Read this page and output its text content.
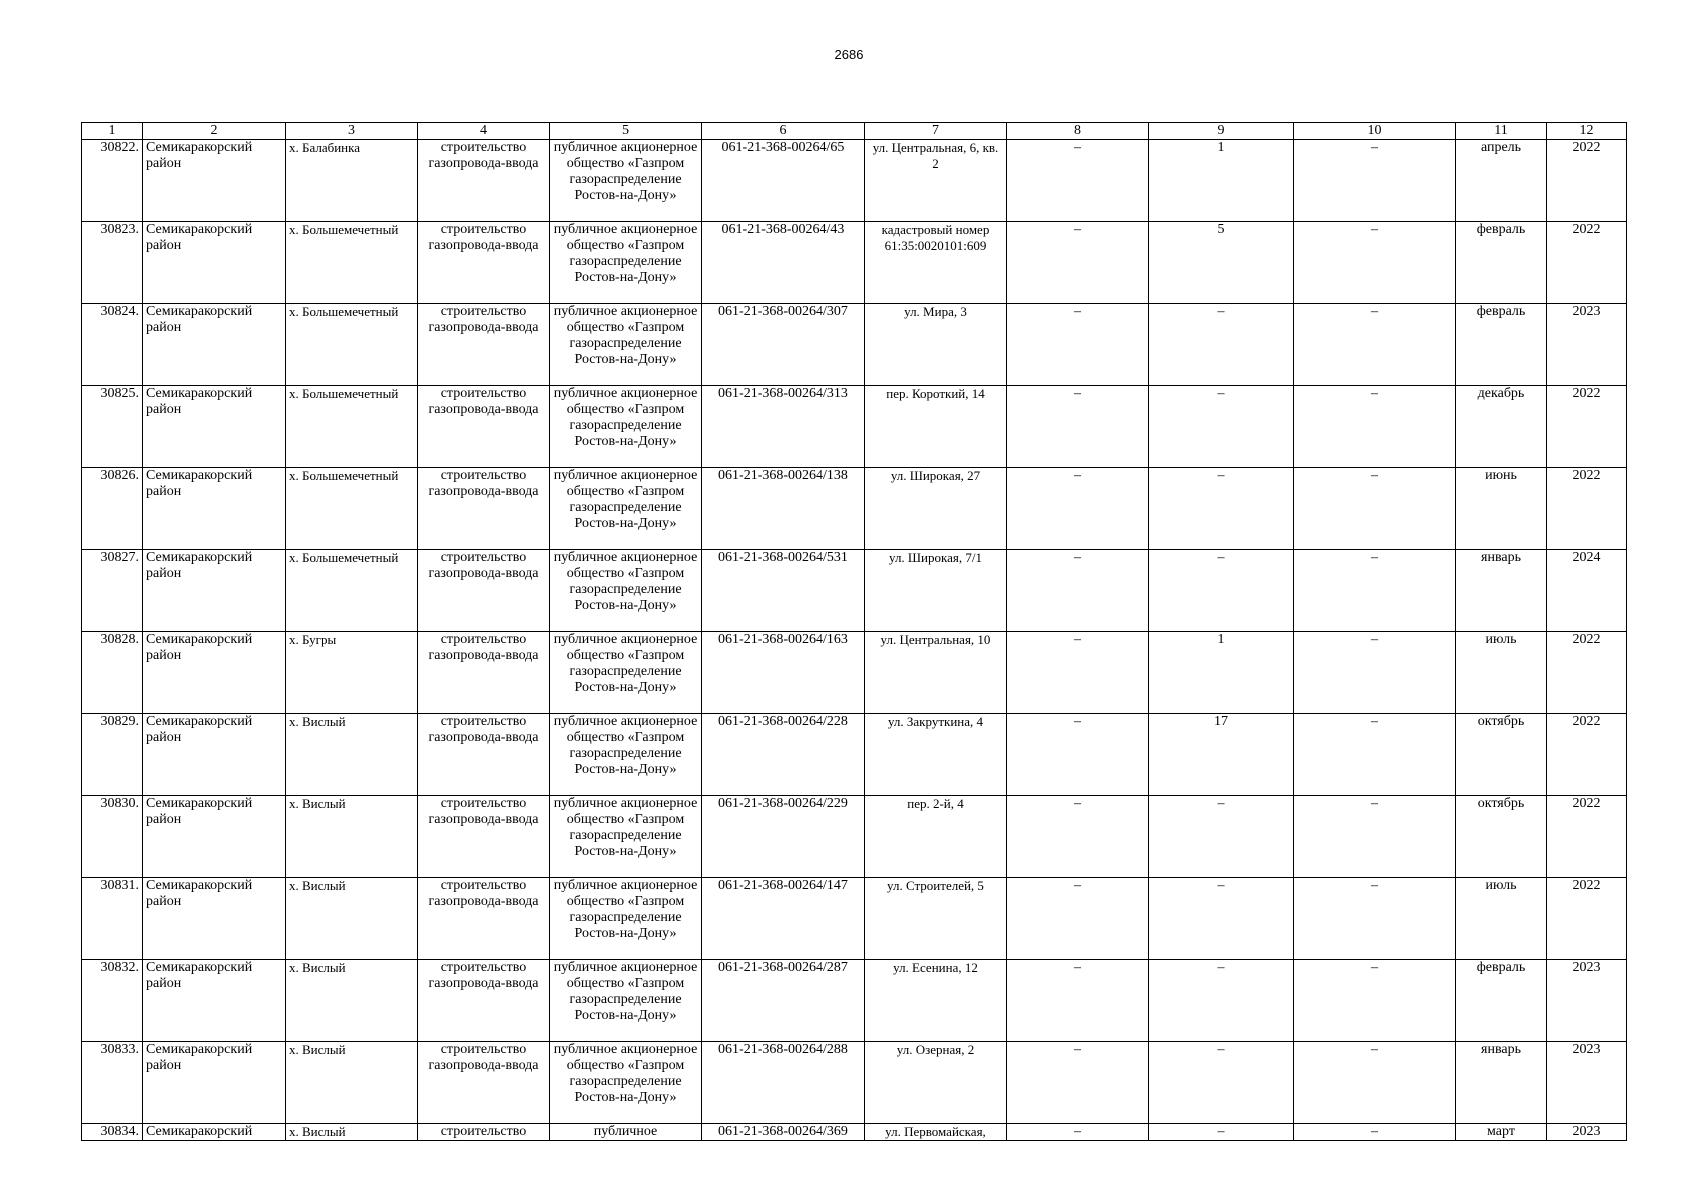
2686
1	2	3	4	5	6	7	8	9	10	11	12
30822.	Семикаракорский район	х. Балабинка	строительство газопровода-ввода	публичное акционерное общество «Газпром газораспределение Ростов-на-Дону»	061-21-368-00264/65	ул. Центральная, 6, кв. 2	–	1	–	апрель	2022
30823.	Семикаракорский район	х. Большемечетный	строительство газопровода-ввода	публичное акционерное общество «Газпром газораспределение Ростов-на-Дону»	061-21-368-00264/43	кадастровый номер 61:35:0020101:609	–	5	–	февраль	2022
30824.	Семикаракорский район	х. Большемечетный	строительство газопровода-ввода	публичное акционерное общество «Газпром газораспределение Ростов-на-Дону»	061-21-368-00264/307	ул. Мира, 3	–	–	–	февраль	2023
30825.	Семикаракорский район	х. Большемечетный	строительство газопровода-ввода	публичное акционерное общество «Газпром газораспределение Ростов-на-Дону»	061-21-368-00264/313	пер. Короткий, 14	–	–	–	декабрь	2022
30826.	Семикаракорский район	х. Большемечетный	строительство газопровода-ввода	публичное акционерное общество «Газпром газораспределение Ростов-на-Дону»	061-21-368-00264/138	ул. Широкая, 27	–	–	–	июнь	2022
30827.	Семикаракорский район	х. Большемечетный	строительство газопровода-ввода	публичное акционерное общество «Газпром газораспределение Ростов-на-Дону»	061-21-368-00264/531	ул. Широкая, 7/1	–	–	–	январь	2024
30828.	Семикаракорский район	х. Бугры	строительство газопровода-ввода	публичное акционерное общество «Газпром газораспределение Ростов-на-Дону»	061-21-368-00264/163	ул. Центральная, 10	–	1	–	июль	2022
30829.	Семикаракорский район	х. Вислый	строительство газопровода-ввода	публичное акционерное общество «Газпром газораспределение Ростов-на-Дону»	061-21-368-00264/228	ул. Закруткина, 4	–	17	–	октябрь	2022
30830.	Семикаракорский район	х. Вислый	строительство газопровода-ввода	публичное акционерное общество «Газпром газораспределение Ростов-на-Дону»	061-21-368-00264/229	пер. 2-й, 4	–	–	–	октябрь	2022
30831.	Семикаракорский район	х. Вислый	строительство газопровода-ввода	публичное акционерное общество «Газпром газораспределение Ростов-на-Дону»	061-21-368-00264/147	ул. Строителей, 5	–	–	–	июль	2022
30832.	Семикаракорский район	х. Вислый	строительство газопровода-ввода	публичное акционерное общество «Газпром газораспределение Ростов-на-Дону»	061-21-368-00264/287	ул. Есенина, 12	–	–	–	февраль	2023
30833.	Семикаракорский район	х. Вислый	строительство газопровода-ввода	публичное акционерное общество «Газпром газораспределение Ростов-на-Дону»	061-21-368-00264/288	ул. Озерная, 2	–	–	–	январь	2023
30834.	Семикаракорский	х. Вислый	строительство	публичное	061-21-368-00264/369	ул. Первомайская,	–	–	–	март	2023
